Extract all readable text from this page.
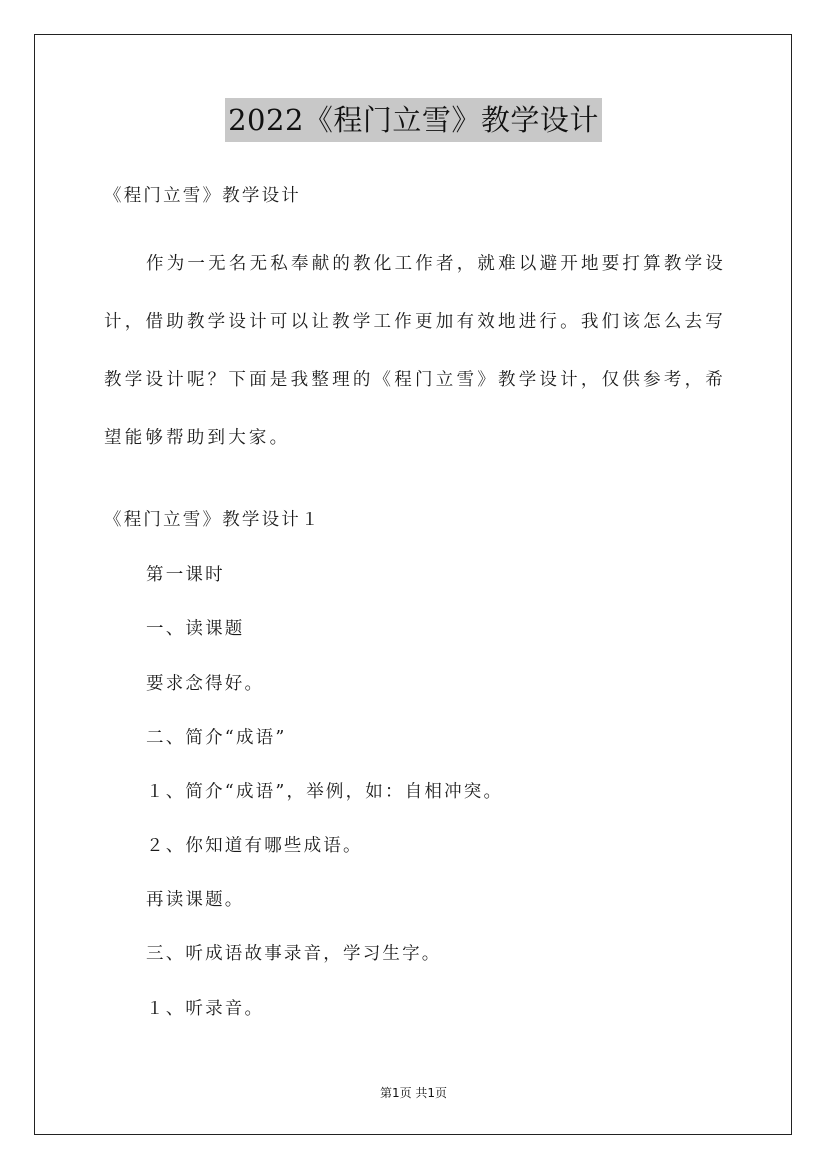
2022《程门立雪》教学设计
《程门立雪》教学设计

作为一无名无私奉献的教化工作者，就难以避开地要打算教学设计，借助教学设计可以让教学工作更加有效地进行。我们该怎么去写教学设计呢？下面是我整理的《程门立雪》教学设计，仅供参考，希望能够帮助到大家。

《程门立雪》教学设计１
第一课时
一、读课题
要求念得好。
二、简介“成语”
１、简介“成语”，举例，如：自相冲突。
２、你知道有哪些成语。
再读课题。
三、听成语故事录音，学习生字。
１、听录音。
第1页 共1页
